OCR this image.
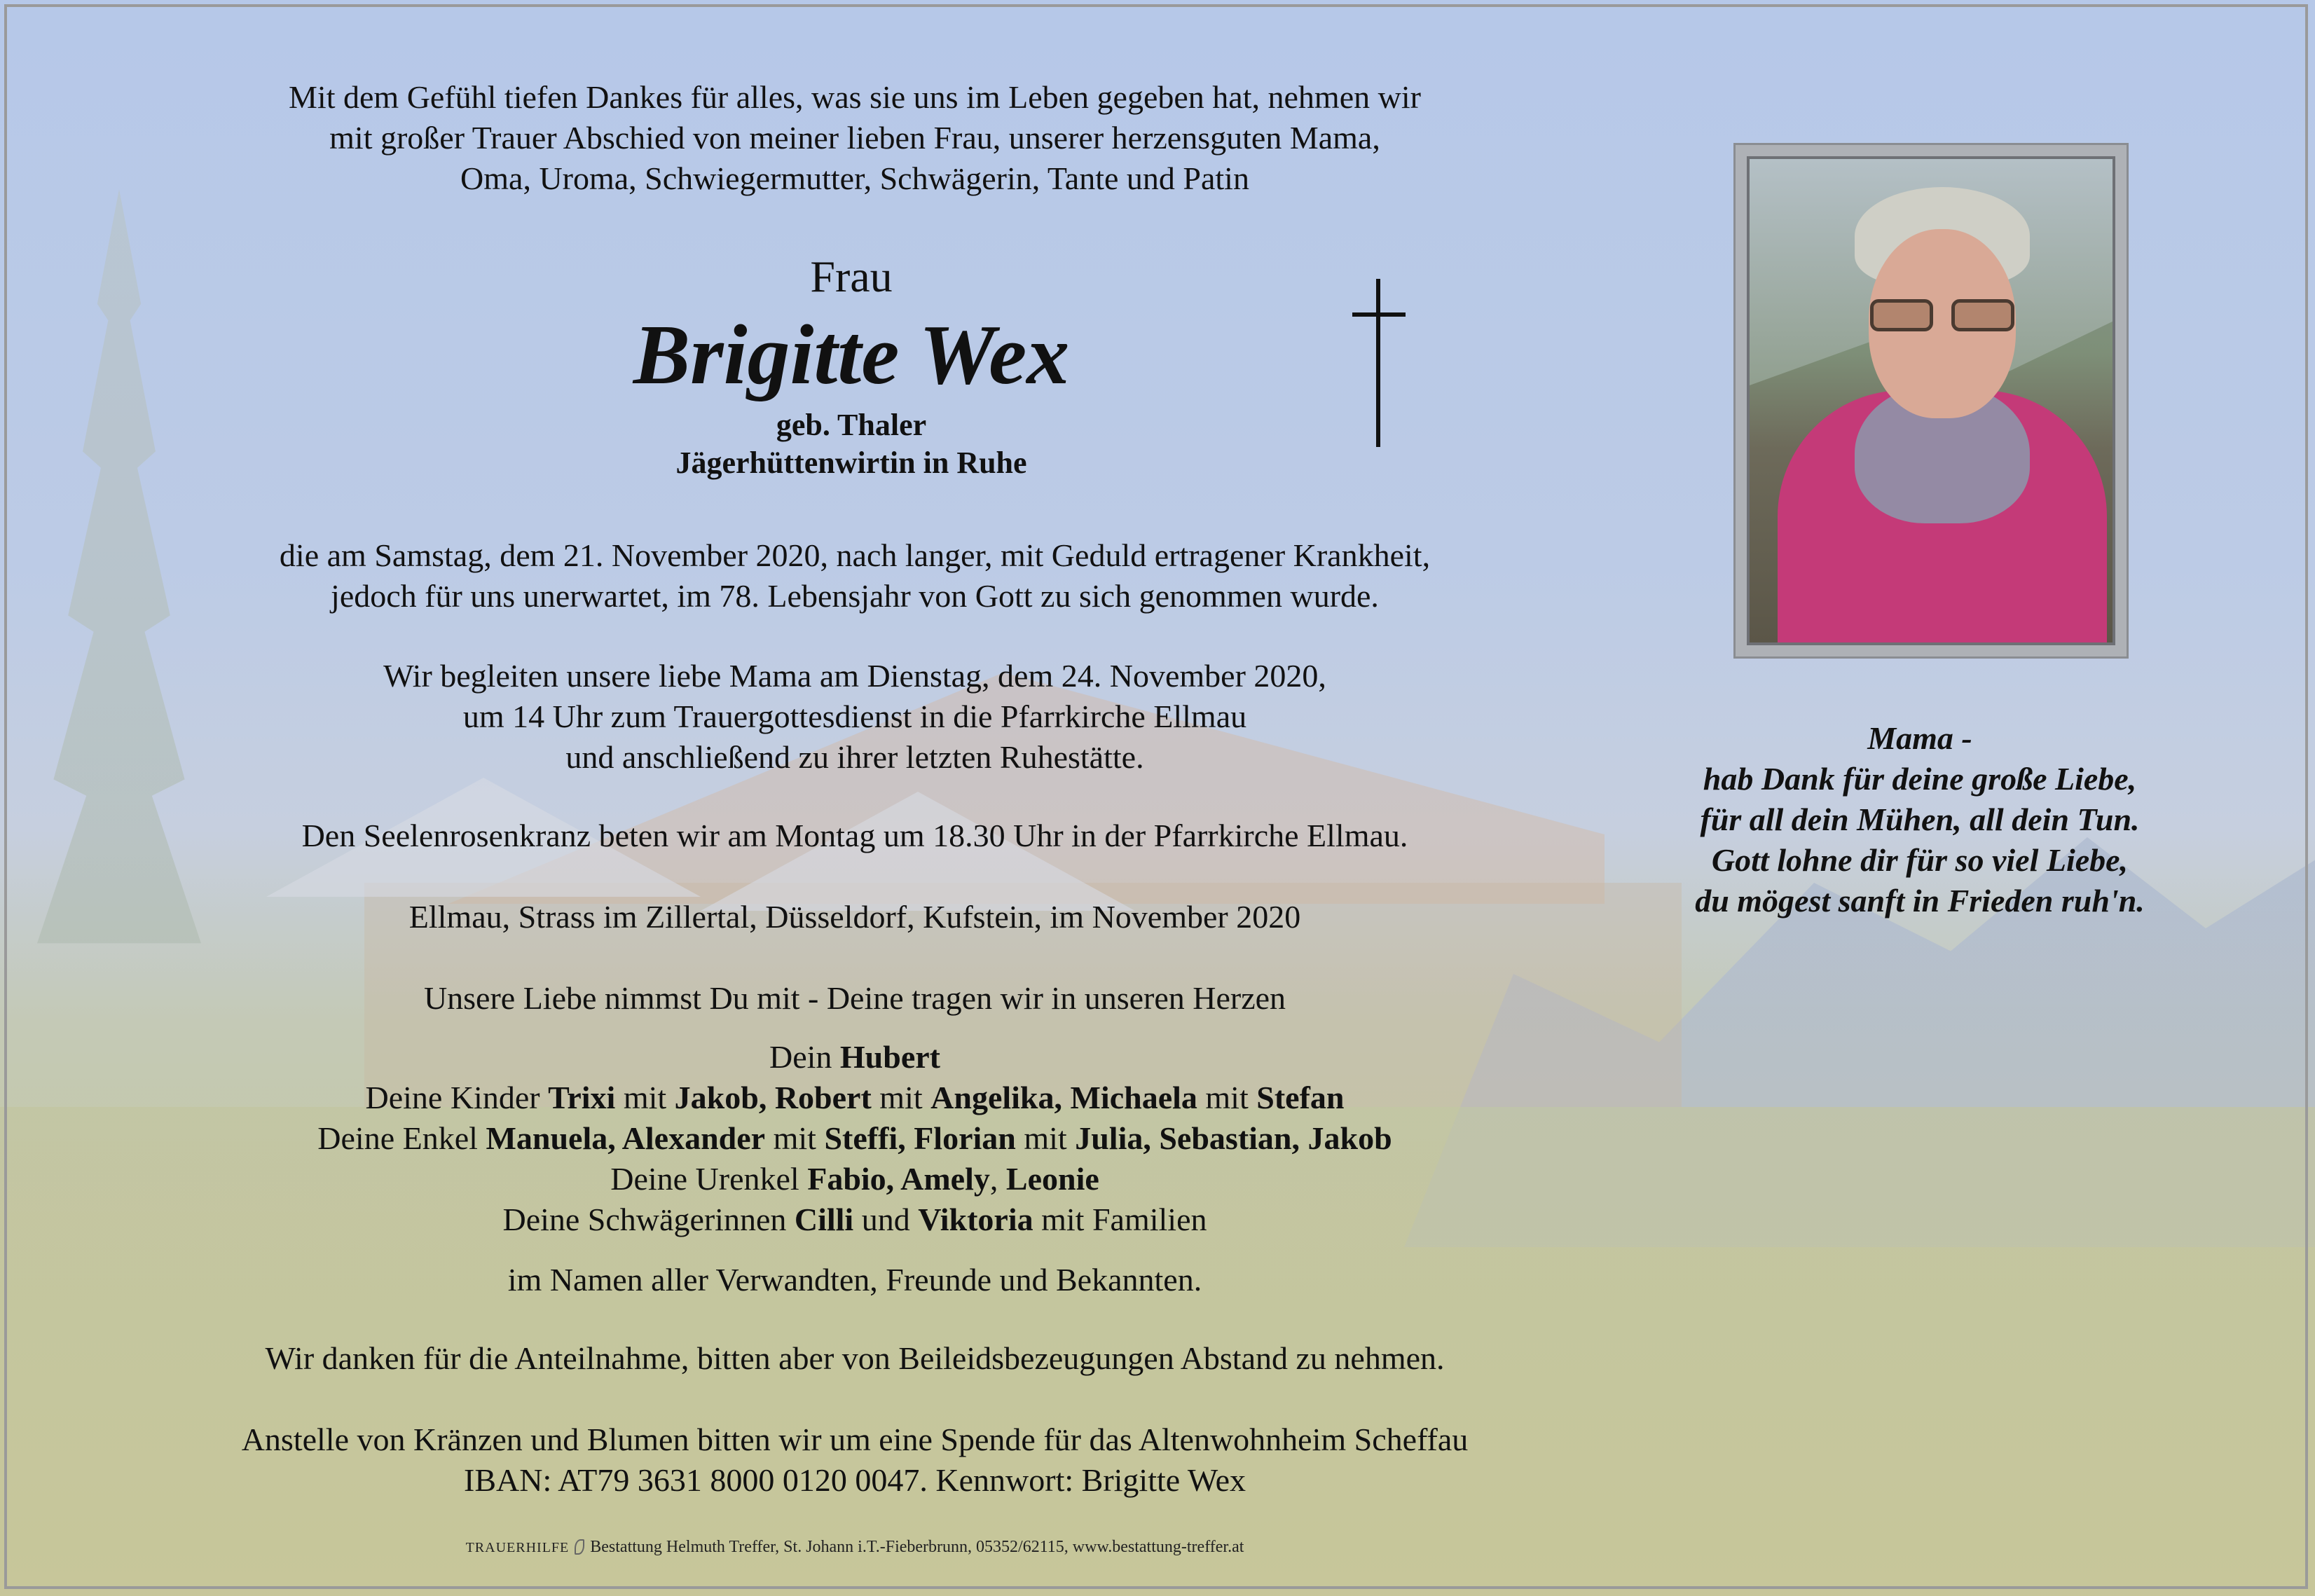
Mit dem Gefühl tiefen Dankes für alles, was sie uns im Leben gegeben hat, nehmen wir
mit großer Trauer Abschied von meiner lieben Frau, unserer herzensguten Mama,
Oma, Uroma, Schwiegermutter, Schwägerin, Tante und Patin
Frau
Brigitte Wex
geb. Thaler
Jägerhüttenwirtin in Ruhe
die am Samstag, dem 21. November 2020, nach langer, mit Geduld ertragener Krankheit,
jedoch für uns unerwartet, im 78. Lebensjahr von Gott zu sich genommen wurde.
Wir begleiten unsere liebe Mama am Dienstag, dem 24. November 2020,
um 14 Uhr zum Trauergottesdienst in die Pfarrkirche Ellmau
und anschließend zu ihrer letzten Ruhestätte.
Den Seelenrosenkranz beten wir am Montag um 18.30 Uhr in der Pfarrkirche Ellmau.
Ellmau, Strass im Zillertal, Düsseldorf, Kufstein, im November 2020
Unsere Liebe nimmst Du mit - Deine tragen wir in unseren Herzen
Dein Hubert
Deine Kinder Trixi mit Jakob, Robert mit Angelika, Michaela mit Stefan
Deine Enkel Manuela, Alexander mit Steffi, Florian mit Julia, Sebastian, Jakob
Deine Urenkel Fabio, Amely, Leonie
Deine Schwägerinnen Cilli und Viktoria mit Familien
im Namen aller Verwandten, Freunde und Bekannten.
Wir danken für die Anteilnahme, bitten aber von Beileidsbezeugungen Abstand zu nehmen.
Anstelle von Kränzen und Blumen bitten wir um eine Spende für das Altenwohnheim Scheffau
IBAN: AT79 3631 8000 0120 0047. Kennwort: Brigitte Wex
Mama -
hab Dank für deine große Liebe,
für all dein Mühen, all dein Tun.
Gott lohne dir für so viel Liebe,
du mögest sanft in Frieden ruh'n.
TRAUERHILFE Bestattung Helmuth Treffer, St. Johann i.T.-Fieberbrunn, 05352/62115, www.bestattung-treffer.at
